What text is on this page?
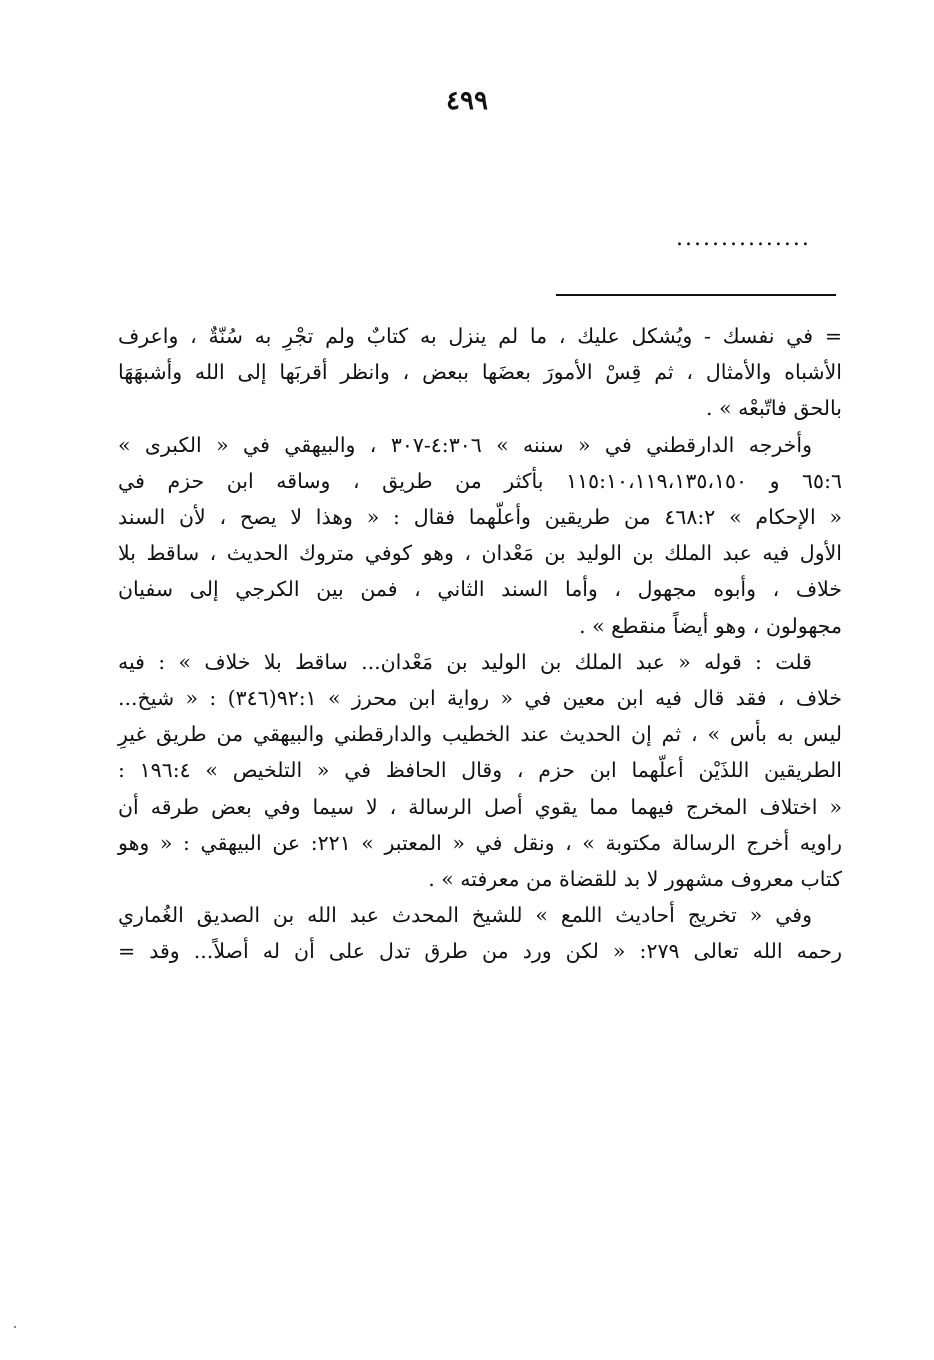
٤٩٩
...............
= في نفسك - ويُشكل عليك ، ما لم ينزل به كتابٌ ولم تجْرِ به سُنّةٌ ، واعرف
الأشباه والأمثال ، ثم قِسْ الأمورَ بعضَها ببعض ، وانظر أقربَها إلى الله وأشبهَهَا
بالحق فاتّبعْه » .
وأخرجه الدارقطني في « سننه » ٤:٣٠٦-٣٠٧ ، والبيهقي في « الكبرى »
٦٥:٦ و ١١٥:١٠،١١٩،١٣٥،١٥٠ بأكثر من طريق ، وساقه ابن حزم في
« الإحكام » ٤٦٨:٢ من طريقين وأعلّهما فقال : « وهذا لا يصح ، لأن السند
الأول فيه عبد الملك بن الوليد بن مَعْدان ، وهو كوفي متروك الحديث ، ساقط بلا
خلاف ، وأبوه مجهول ، وأما السند الثاني ، فمن بين الكرجي إلى سفيان
مجهولون ، وهو أيضاً منقطع » .
قلت : قوله « عبد الملك بن الوليد بن مَعْدان... ساقط بلا خلاف » : فيه
خلاف ، فقد قال فيه ابن معين في « رواية ابن محرز » ٩٢:١(٣٤٦) : « شيخ...
ليس به بأس » ، ثم إن الحديث عند الخطيب والدارقطني والبيهقي من طريق غيرِ
الطريقين اللذَيْن أعلّهما ابن حزم ، وقال الحافظ في « التلخيص » ١٩٦:٤ :
« اختلاف المخرج فيهما مما يقوي أصل الرسالة ، لا سيما وفي بعض طرقه أن
راويه أخرج الرسالة مكتوبة » ، ونقل في « المعتبر » ٢٢١: عن البيهقي : « وهو
كتاب معروف مشهور لا بد للقضاة من معرفته » .
وفي « تخريج أحاديث اللمع » للشيخ المحدث عبد الله بن الصديق الغُماري
رحمه الله تعالى ٢٧٩: « لكن ورد من طرق تدل على أن له أصلاً... وقد =
